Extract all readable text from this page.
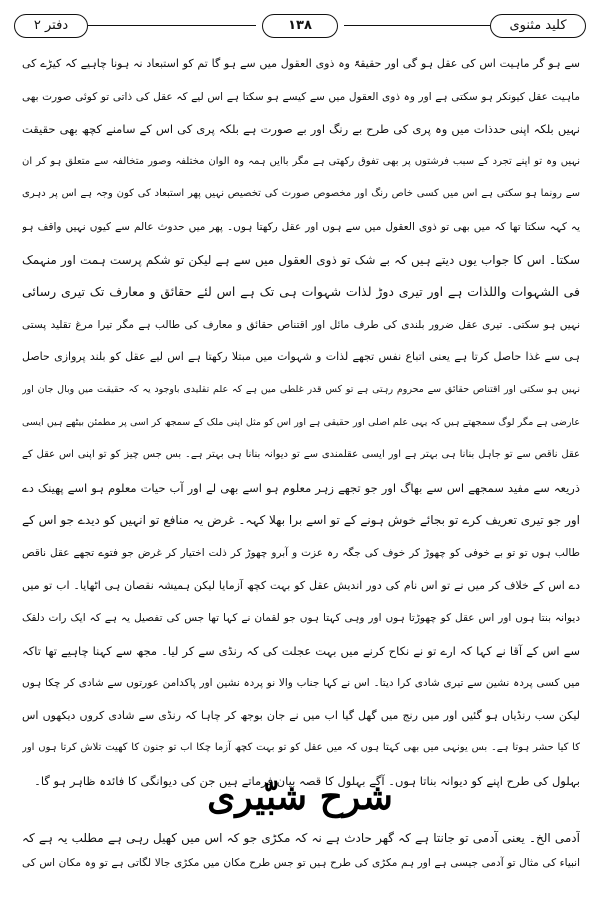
کلید مثنوی
۱۳۸
دفتر ۲
سے ہو گر ماہیت اس کی عقل ہو گی اور حقیقۃً وہ ذوی العقول میں سے ہو گا تم کو استبعاد نہ ہونا چاہیے کہ کیڑے کی
ماہیت عقل کیونکر ہو سکتی ہے اور وہ ذوی العقول میں سے کیسے ہو سکتا ہے اس لیے کہ عقل کی ذاتی تو کوئی صورت بھی
نہیں بلکہ اپنی حدذات میں وہ پری کی طرح بے رنگ اور بے صورت ہے بلکہ پری کی اس کے سامنے کچھ بھی حقیقت
نہیں وہ تو اپنے تجرد کے سبب فرشتوں پر بھی تفوق رکھتی ہے مگر باایں ہمہ وہ الوان مختلفہ وصور متخالفہ سے متعلق ہو کر ان
سے رونما ہو سکتی ہے اس میں کسی خاص رنگ اور مخصوص صورت کی تخصیص نہیں پھر استبعاد کی کون وجہ ہے اس پر دہری
یہ کہہ سکتا تھا کہ میں بھی تو ذوی العقول میں سے ہوں اور عقل رکھتا ہوں۔ پھر میں حدوث عالم سے کیوں نہیں واقف ہو
سکتا۔ اس کا جواب یوں دیتے ہیں کہ بے شک تو ذوی العقول میں سے ہے لیکن تو شکم پرست ہمت اور منہمک
فی الشہوات واللذات ہے اور تیری دوڑ لذات شہوات ہی تک ہے اس لئے حقائق و معارف تک تیری رسائی
نہیں ہو سکتی۔ تیری عقل ضرور بلندی کی طرف مائل اور اقتناص حقائق و معارف کی طالب ہے مگر تیرا مرغ تقلید پستی
ہی سے غذا حاصل کرتا ہے یعنی اتباع نفس تجھے لذات و شہوات میں مبتلا رکھتا ہے اس لیے عقل کو بلند پروازی حاصل
نہیں ہو سکتی اور اقتناص حقائق سے محروم رہتی ہے تو کس قدر غلطی میں ہے کہ علم تقلیدی باوجود یہ کہ حقیقت میں وبال جان اور
عارضی ہے مگر لوگ سمجھتے ہیں کہ یہی علم اصلی اور حقیقی ہے اور اس کو مثل اپنی ملک کے سمجھ کر اسی پر مطمئن بیٹھے ہیں ایسی
عقل ناقص سے تو جاہل بنانا ہی بہتر ہے اور ایسی عقلمندی سے تو دیوانہ بنانا ہی بہتر ہے۔ بس جس چیز کو تو اپنی اس عقل کے
ذریعہ سے مفید سمجھے اس سے بھاگ اور جو تجھے زہر معلوم ہو اسے بھی لے اور آب حیات معلوم ہو اسے پھینک دے
اور جو تیری تعریف کرے تو بجائے خوش ہونے کے تو اسے برا بھلا کہہ۔ غرض یہ منافع تو انہیں کو دیدے جو اس کے
طالب ہوں تو تو بے خوفی کو چھوڑ کر خوف کی جگہ رہ عزت و آبرو چھوڑ کر ذلت اختیار کر غرض جو فتوے تجھے عقل ناقص
دے اس کے خلاف کر میں نے تو اس نام کی دور اندیش عقل کو بہت کچھ آزمایا لیکن ہمیشہ نقصان ہی اٹھایا۔ اب تو میں
دیوانہ بنتا ہوں اور اس عقل کو چھوڑتا ہوں اور وہی کہتا ہوں جو لقمان نے کہا تھا جس کی تفصیل یہ ہے کہ ایک رات دلقک
سے اس کے آقا نے کہا کہ ارے تو نے نکاح کرنے میں بہت عجلت کی کہ رنڈی سے کر لیا۔ مجھ سے کہنا چاہیے تھا تاکہ
میں کسی پردہ نشین سے تیری شادی کرا دیتا۔ اس نے کہا جناب والا نو پردہ نشین اور پاکدامن عورتوں سے شادی کر چکا ہوں
لیکن سب رنڈیاں ہو گئیں اور میں رنج میں گھل گیا اب میں نے جان بوجھ کر چاہا کہ رنڈی سے شادی کروں دیکھوں اس
کا کیا حشر ہوتا ہے۔ بس یونہی میں بھی کہتا ہوں کہ میں عقل کو تو بہت کچھ آزما چکا اب تو جنون کا کھیت تلاش کرتا ہوں اور
بہلول کی طرح اپنے کو دیوانہ بناتا ہوں۔ آگے بہلول کا قصہ بیان فرماتے ہیں جن کی دیوانگی کا فائدہ ظاہر ہو گا۔
شرح شبّیری
آدمی الخ۔ یعنی آدمی تو جانتا ہے کہ گھر حادث ہے نہ کہ مکڑی جو کہ اس میں کھیل رہی ہے مطلب یہ ہے کہ
انبیاء کی مثال تو آدمی جیسی ہے اور ہم مکڑی کی طرح ہیں تو جس طرح مکان میں مکڑی جالا لگاتی ہے تو وہ مکان اس کی
